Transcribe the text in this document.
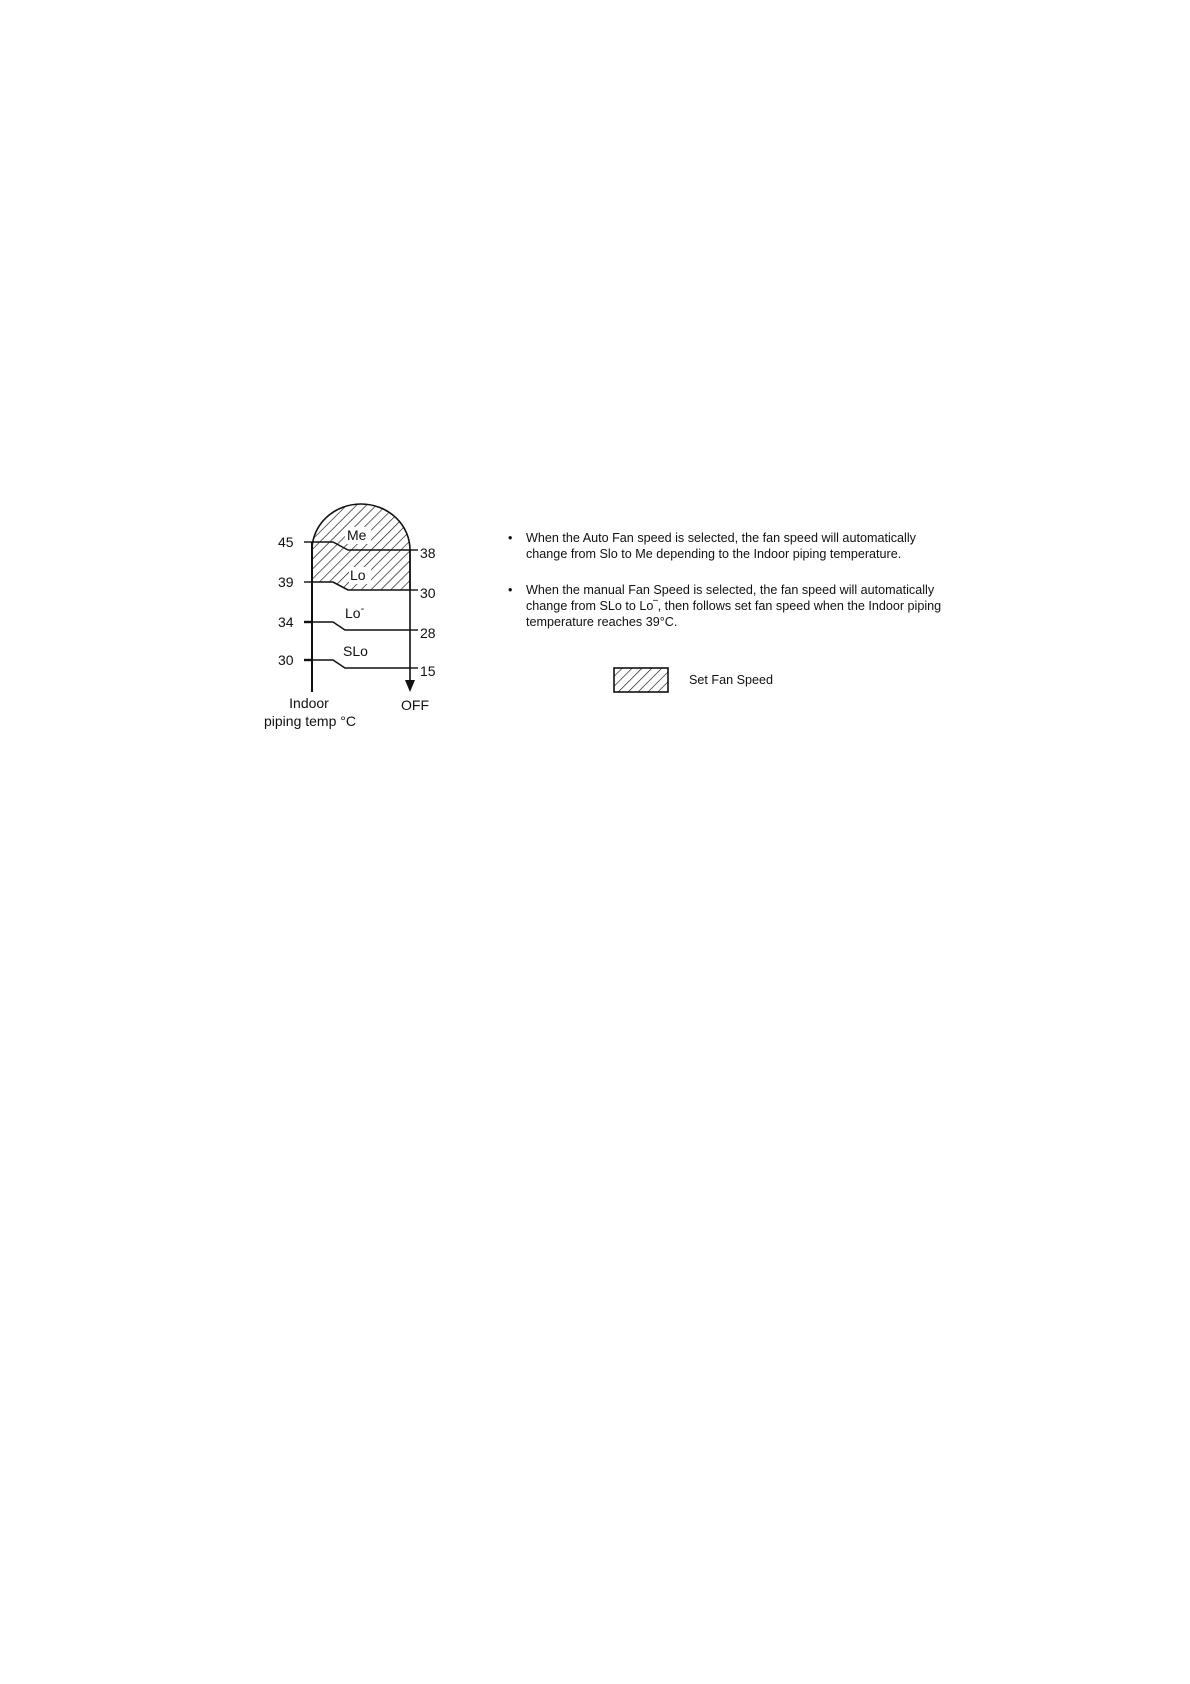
45
39
34
30
38
30
28
15
Me
Lo
Lo-
SLo
Indoor
piping temp °C
OFF
• When the Auto Fan speed is selected, the fan speed will automatically
change from Slo to Me depending to the Indoor piping temperature.
• When the manual Fan Speed is selected, the fan speed will automatically
change from SLo to Lo‾, then follows set fan speed when the Indoor piping
temperature reaches 39°C.
Set Fan Speed
